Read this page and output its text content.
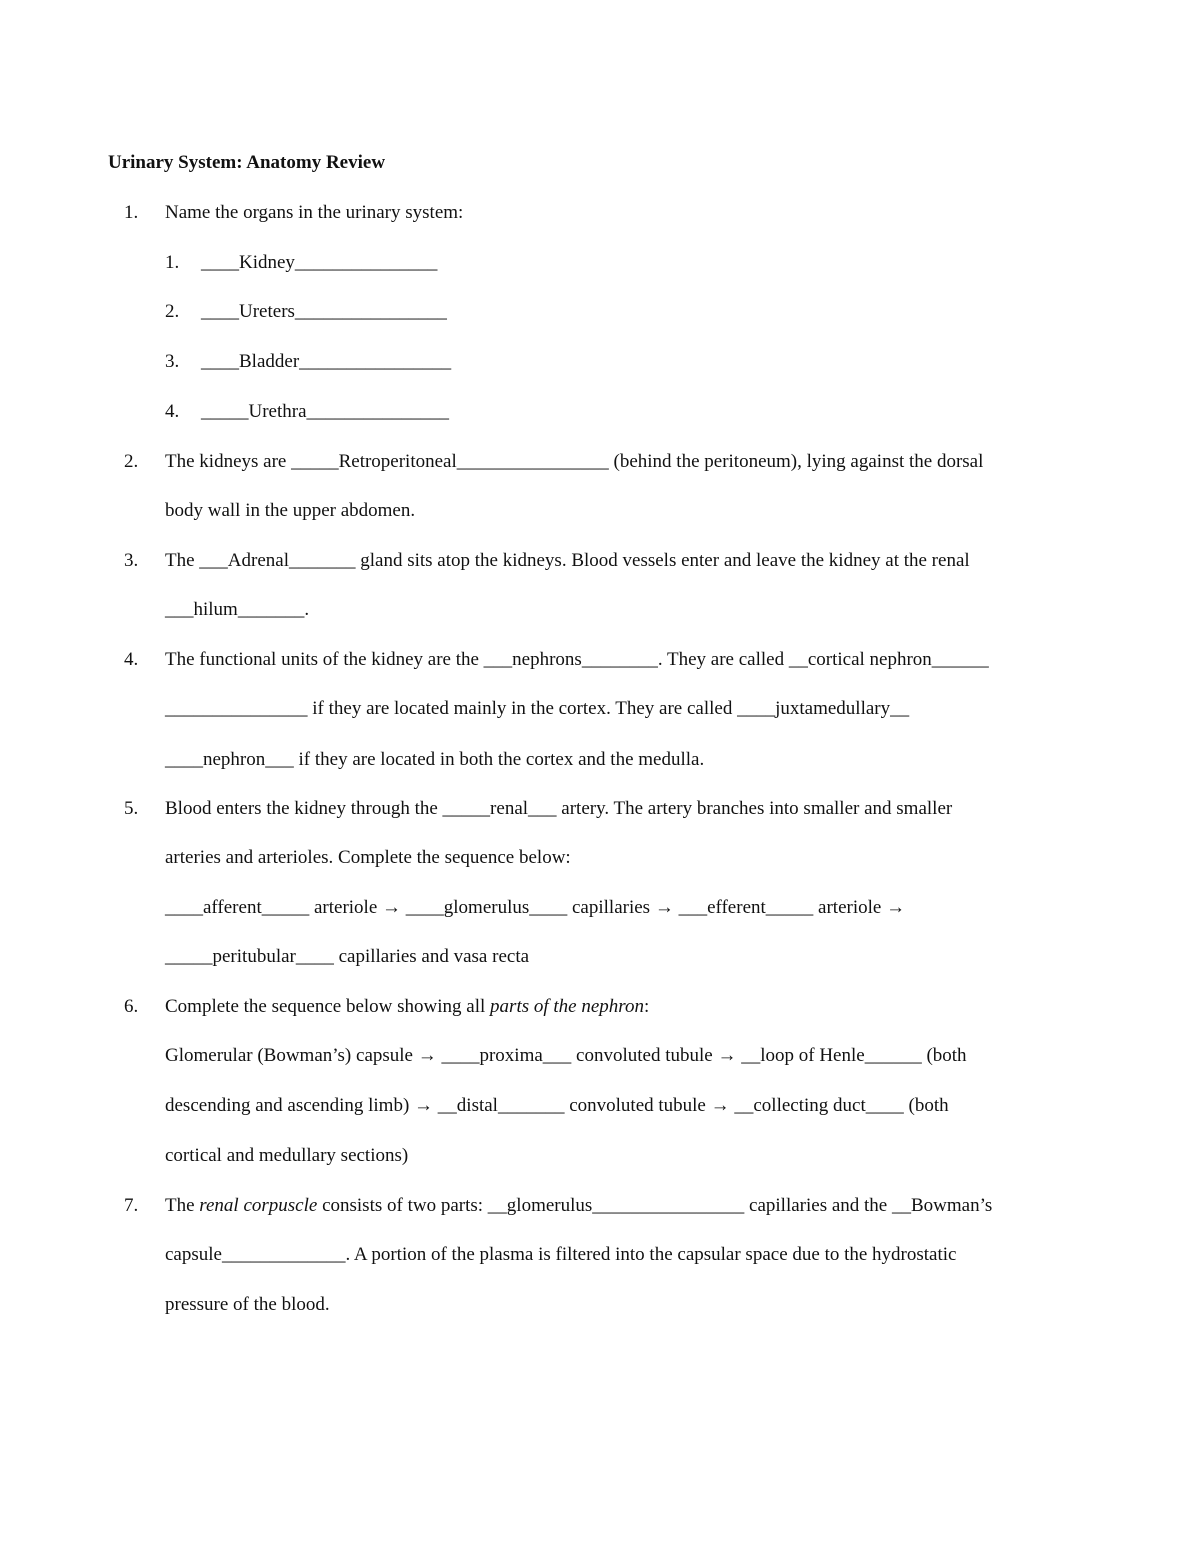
Urinary System: Anatomy Review
1. Name the organs in the urinary system:
1. ____Kidney_______________
2. ____Ureters________________
3. ____Bladder________________
4. _____Urethra_______________
2. The kidneys are _____Retroperitoneal________________ (behind the peritoneum), lying against the dorsal
body wall in the upper abdomen.
3. The ___Adrenal_______ gland sits atop the kidneys. Blood vessels enter and leave the kidney at the renal
___hilum_______.
4. The functional units of the kidney are the ___nephrons________. They are called __cortical nephron______
_______________ if they are located mainly in the cortex. They are called ____juxtamedullary__
____nephron___ if they are located in both the cortex and the medulla.
5. Blood enters the kidney through the _____renal___ artery. The artery branches into smaller and smaller
arteries and arterioles. Complete the sequence below:
____afferent_____ arteriole → ____glomerulus____ capillaries → ___efferent_____ arteriole →
_____peritubular____ capillaries and vasa recta
6. Complete the sequence below showing all parts of the nephron:
Glomerular (Bowman’s) capsule → ____proxima___ convoluted tubule → __loop of Henle______ (both
descending and ascending limb) → __distal_______ convoluted tubule → __collecting duct____ (both
cortical and medullary sections)
7. The renal corpuscle consists of two parts: __glomerulus________________ capillaries and the __Bowman’s
capsule_____________. A portion of the plasma is filtered into the capsular space due to the hydrostatic
pressure of the blood.
